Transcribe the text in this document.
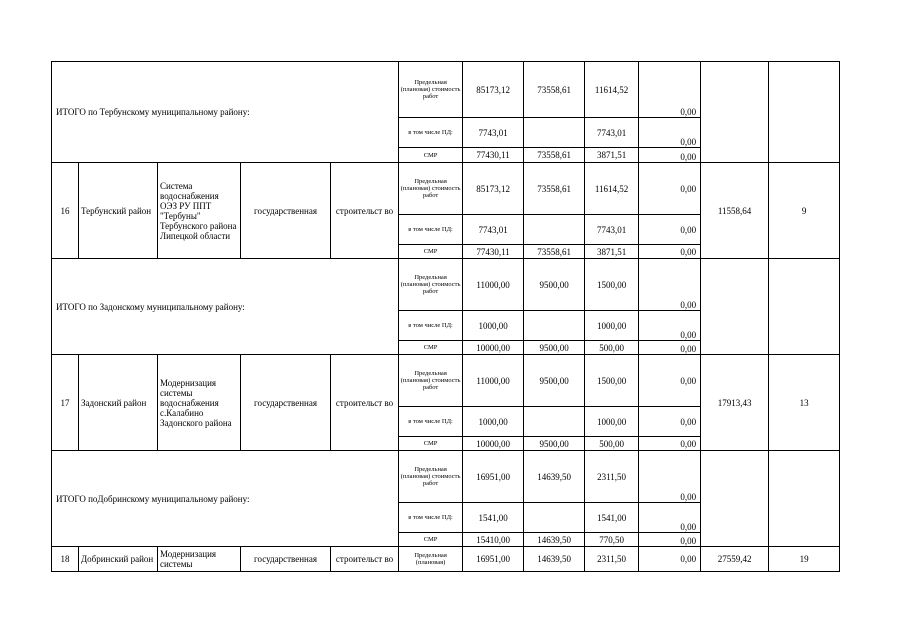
ИТОГО по Тербунскому муниципальному району:					Предельная (плановая) стоимость работ	85173,12	73558,61	11614,52	0,00		
					в том числе ПД:	7743,01		7743,01	0,00		
					СМР	77430,11	73558,61	3871,51	0,00		
16	Тербунский район	Система водоснабжения ОЭЗ РУ ППТ "Тербуны" Тербунского района Липецкой области	государственная	строительст во	Предельная (плановая) стоимость работ	85173,12	73558,61	11614,52	0,00	11558,64	9
					в том числе ПД:	7743,01		7743,01	0,00		
					СМР	77430,11	73558,61	3871,51	0,00		
ИТОГО по Задонскому муниципальному району:					Предельная (плановая) стоимость работ	11000,00	9500,00	1500,00	0,00		
					в том числе ПД:	1000,00		1000,00	0,00		
					СМР	10000,00	9500,00	500,00	0,00		
17	Задонский район	Модернизация системы водоснабжения с.Калабино Задонского района	государственная	строительст во	Предельная (плановая) стоимость работ	11000,00	9500,00	1500,00	0,00	17913,43	13
					в том числе ПД:	1000,00		1000,00	0,00		
					СМР	10000,00	9500,00	500,00	0,00		
ИТОГО поДобринскому муниципальному району:					Предельная (плановая) стоимость работ	16951,00	14639,50	2311,50	0,00		
					в том числе ПД:	1541,00		1541,00	0,00		
					СМР	15410,00	14639,50	770,50	0,00		
18	Добринский район	Модернизация системы	государственная	строительст во	Предельная (плановая)	16951,00	14639,50	2311,50	0,00	27559,42	19
